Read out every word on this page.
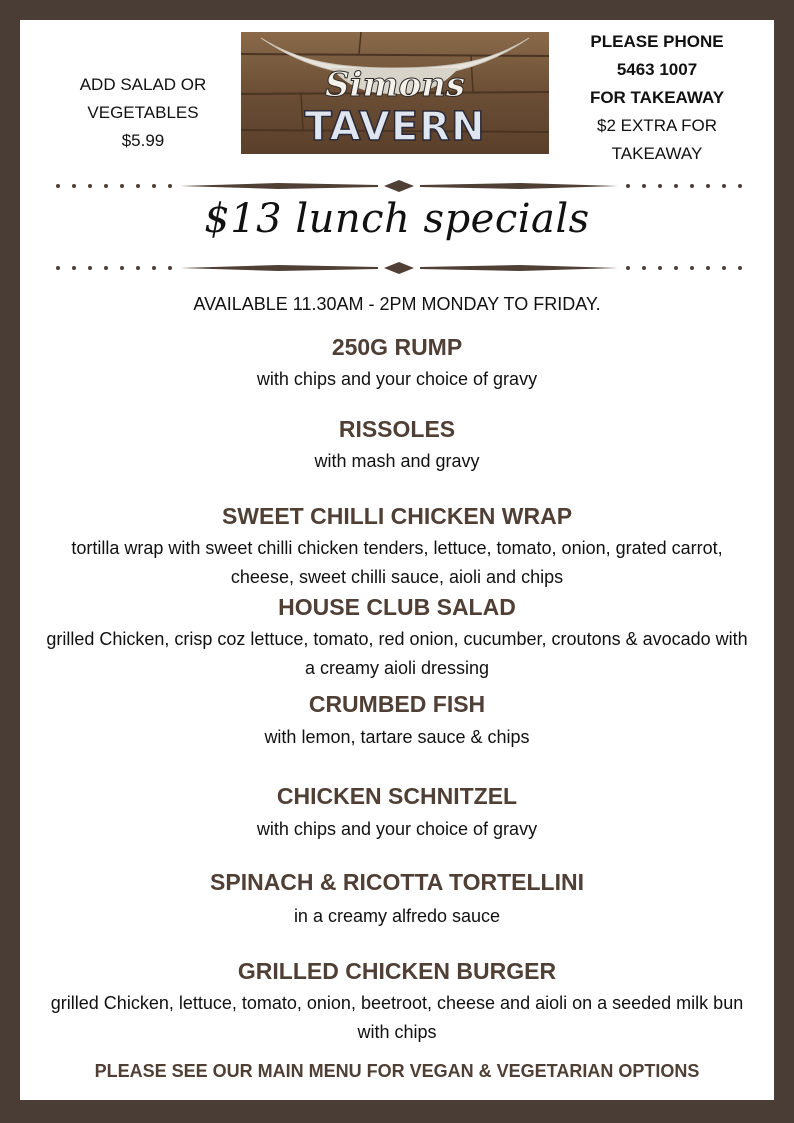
ADD SALAD OR
VEGETABLES
$5.99
Simons
TAVERN
PLEASE PHONE
5463 1007
FOR TAKEAWAY
$2 EXTRA FOR
TAKEAWAY
$13 lunch specials
AVAILABLE 11.30AM - 2PM MONDAY TO FRIDAY.
250G RUMP
with chips and your choice of gravy
RISSOLES
with mash and gravy
SWEET CHILLI CHICKEN WRAP
tortilla wrap with sweet chilli chicken tenders, lettuce, tomato, onion, grated carrot, cheese, sweet chilli sauce, aioli and chips
HOUSE CLUB SALAD
grilled Chicken, crisp coz lettuce, tomato, red onion, cucumber, croutons & avocado with a creamy aioli dressing
CRUMBED FISH
with lemon, tartare sauce & chips
CHICKEN SCHNITZEL
with chips and your choice of gravy
SPINACH & RICOTTA TORTELLINI
in a creamy alfredo sauce
GRILLED CHICKEN BURGER
grilled Chicken, lettuce, tomato, onion, beetroot, cheese and aioli on a seeded milk bun with chips
PLEASE SEE OUR MAIN MENU FOR VEGAN & VEGETARIAN OPTIONS
